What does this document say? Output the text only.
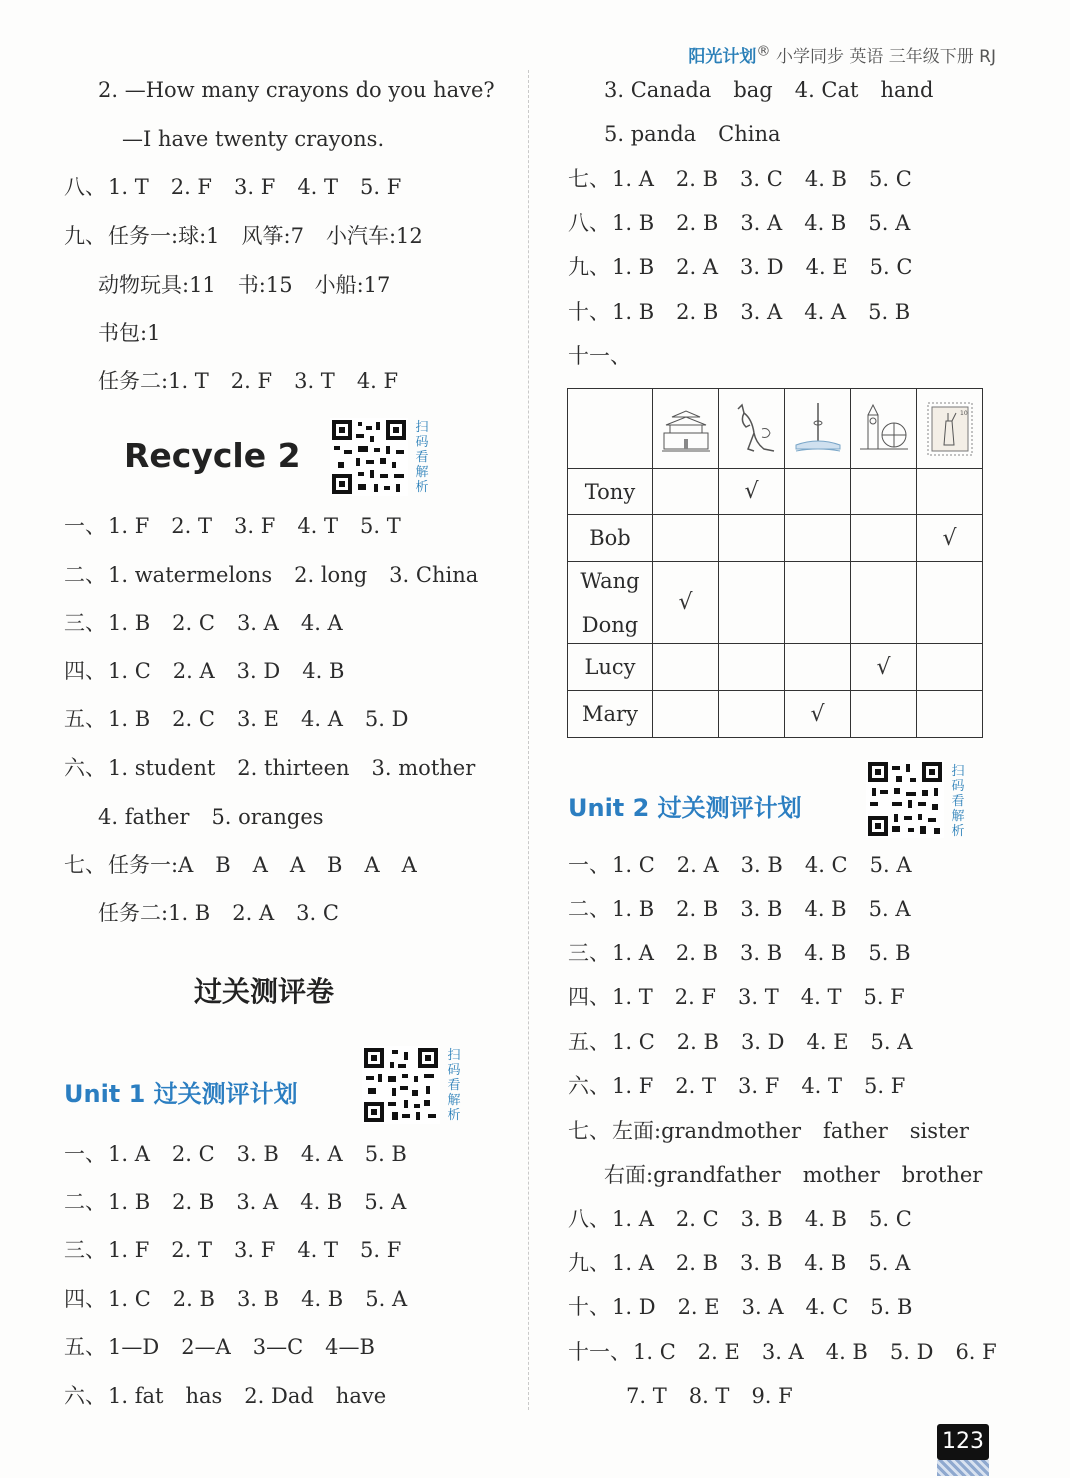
阳光计划® 小学同步 英语 三年级下册 RJ
2. —How many crayons do you have?
—I have twenty crayons.
八、1. T 2. F 3. F 4. T 5. F
九、任务一:球:1 风筝:7 小汽车:12
动物玩具:11 书:15 小船:17
书包:1
任务二:1. T 2. F 3. T 4. F
Recycle 2
扫
码
看
解
析
一、1. F 2. T 3. F 4. T 5. T
二、1. watermelons 2. long 3. China
三、1. B 2. C 3. A 4. A
四、1. C 2. A 3. D 4. B
五、1. B 2. C 3. E 4. A 5. D
六、1. student 2. thirteen 3. mother
4. father 5. oranges
七、任务一:A B A A B A A
任务二:1. B 2. A 3. C
过关测评卷
Unit 1 过关测评计划
扫
码
看
解
析
一、1. A 2. C 3. B 4. A 5. B
二、1. B 2. B 3. A 4. B 5. A
三、1. F 2. T 3. F 4. T 5. F
四、1. C 2. B 3. B 4. B 5. A
五、1—D 2—A 3—C 4—B
六、1. fat has 2. Dad have
3. Canada bag 4. Cat hand
5. panda China
七、1. A 2. B 3. C 4. B 5. C
八、1. B 2. B 3. A 4. B 5. A
九、1. B 2. A 3. D 4. E 5. C
十、1. B 2. B 3. A 4. A 5. B
十一、

10

Tony		√			
Bob					√

Wang
Dong	√				
Lucy				√	
Mary			√		
Unit 2 过关测评计划
扫
码
看
解
析
一、1. C 2. A 3. B 4. C 5. A
二、1. B 2. B 3. B 4. B 5. A
三、1. A 2. B 3. B 4. B 5. B
四、1. T 2. F 3. T 4. T 5. F
五、1. C 2. B 3. D 4. E 5. A
六、1. F 2. T 3. F 4. T 5. F
七、左面:grandmother father sister
右面:grandfather mother brother
八、1. A 2. C 3. B 4. B 5. C
九、1. A 2. B 3. B 4. B 5. A
十、1. D 2. E 3. A 4. C 5. B
十一、1. C 2. E 3. A 4. B 5. D 6. F
7. T 8. T 9. F
123
